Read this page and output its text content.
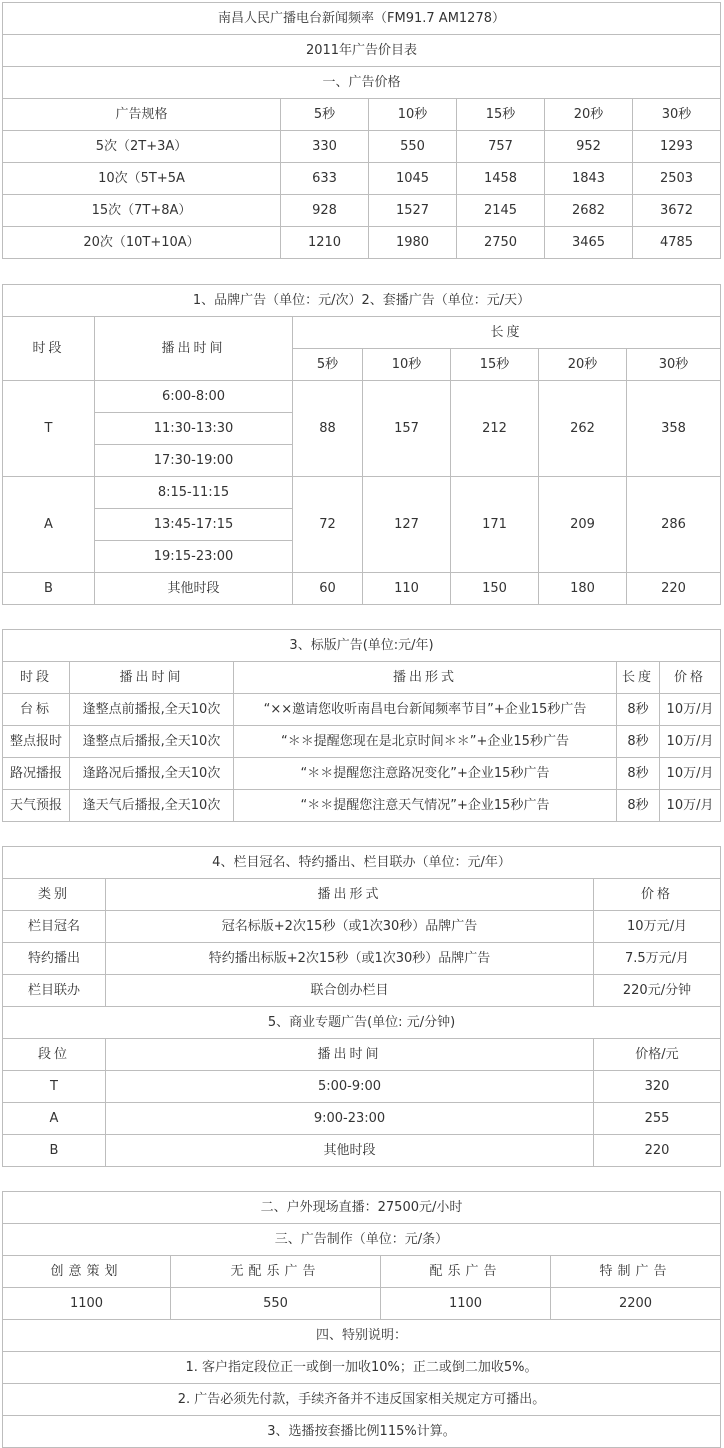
南昌人民广播电台新闻频率（FM91.7 AM1278）					
2011年广告价目表					
一、广告价格					
广告规格	5秒	10秒	15秒	20秒	30秒
5次（2T+3A）	330	550	757	952	1293
10次（5T+5A	633	1045	1458	1843	2503
15次（7T+8A）	928	1527	2145	2682	3672
20次（10T+10A）	1210	1980	2750	3465	4785
1、品牌广告（单位：元/次）2、套播广告（单位：元/天）						
时段	播出时间	长度				
		5秒	10秒	15秒	20秒	30秒
T	6:00-8:00	88	157	212	262	358
	11:30-13:30					
	17:30-19:00					
A	8:15-11:15	72	127	171	209	286
	13:45-17:15					
	19:15-23:00					
B	其他时段	60	110	150	180	220
3、标版广告(单位:元/年)				
时段	播出时间	播出形式	长度	价格
台标	逢整点前播报,全天10次	“××邀请您收听南昌电台新闻频率节目”+企业15秒广告	8秒	10万/月
整点报时	逢整点后播报,全天10次	“＊＊提醒您现在是北京时间＊＊”+企业15秒广告	8秒	10万/月
路况播报	逢路况后播报,全天10次	“＊＊提醒您注意路况变化”+企业15秒广告	8秒	10万/月
天气预报	逢天气后播报,全天10次	“＊＊提醒您注意天气情况”+企业15秒广告	8秒	10万/月
4、栏目冠名、特约播出、栏目联办（单位：元/年）		
类别	播出形式	价格
栏目冠名	冠名标版+2次15秒（或1次30秒）品牌广告	10万元/月
特约播出	特约播出标版+2次15秒（或1次30秒）品牌广告	7.5万元/月
栏目联办	联合创办栏目	220元/分钟
5、商业专题广告(单位: 元/分钟)		
段位	播出时间	价格/元
T	5:00-9:00	320
A	9:00-23:00	255
B	其他时段	220
二、户外现场直播：27500元/小时			
三、广告制作（单位：元/条）			
创意策划	无配乐广告	配乐广告	特制广告
1100	550	1100	2200
四、特别说明：			
1. 客户指定段位正一或倒一加收10%；正二或倒二加收5%。			
2. 广告必须先付款，手续齐备并不违反国家相关规定方可播出。			
3、选播按套播比例115%计算。			
